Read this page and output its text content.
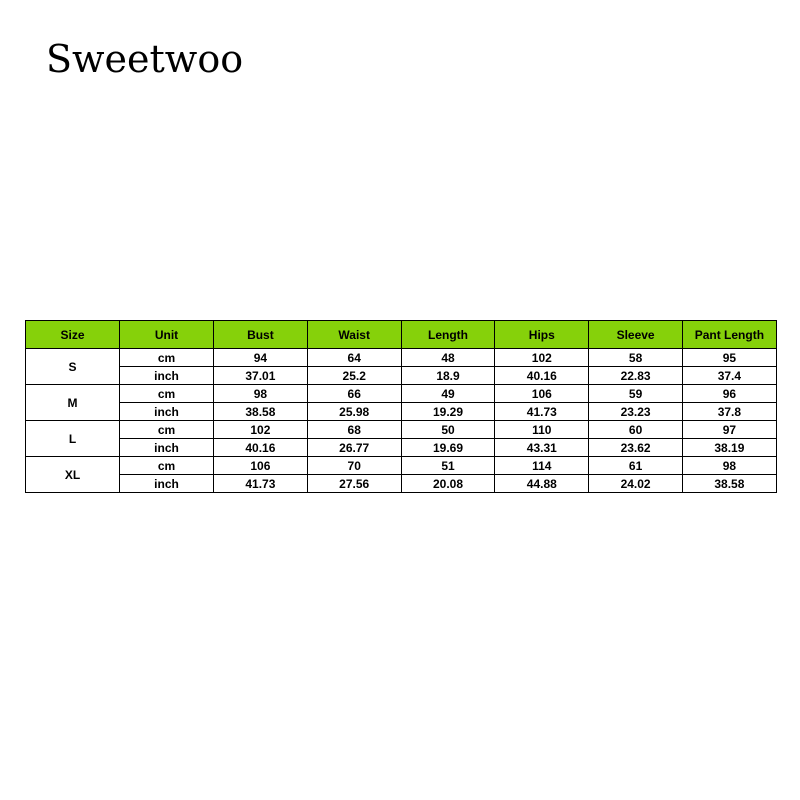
Sweetwoo
Size	Unit	Bust	Waist	Length	Hips	Sleeve	Pant Length
S	cm	94	64	48	102	58	95
	inch	37.01	25.2	18.9	40.16	22.83	37.4
M	cm	98	66	49	106	59	96
	inch	38.58	25.98	19.29	41.73	23.23	37.8
L	cm	102	68	50	110	60	97
	inch	40.16	26.77	19.69	43.31	23.62	38.19
XL	cm	106	70	51	114	61	98
	inch	41.73	27.56	20.08	44.88	24.02	38.58
